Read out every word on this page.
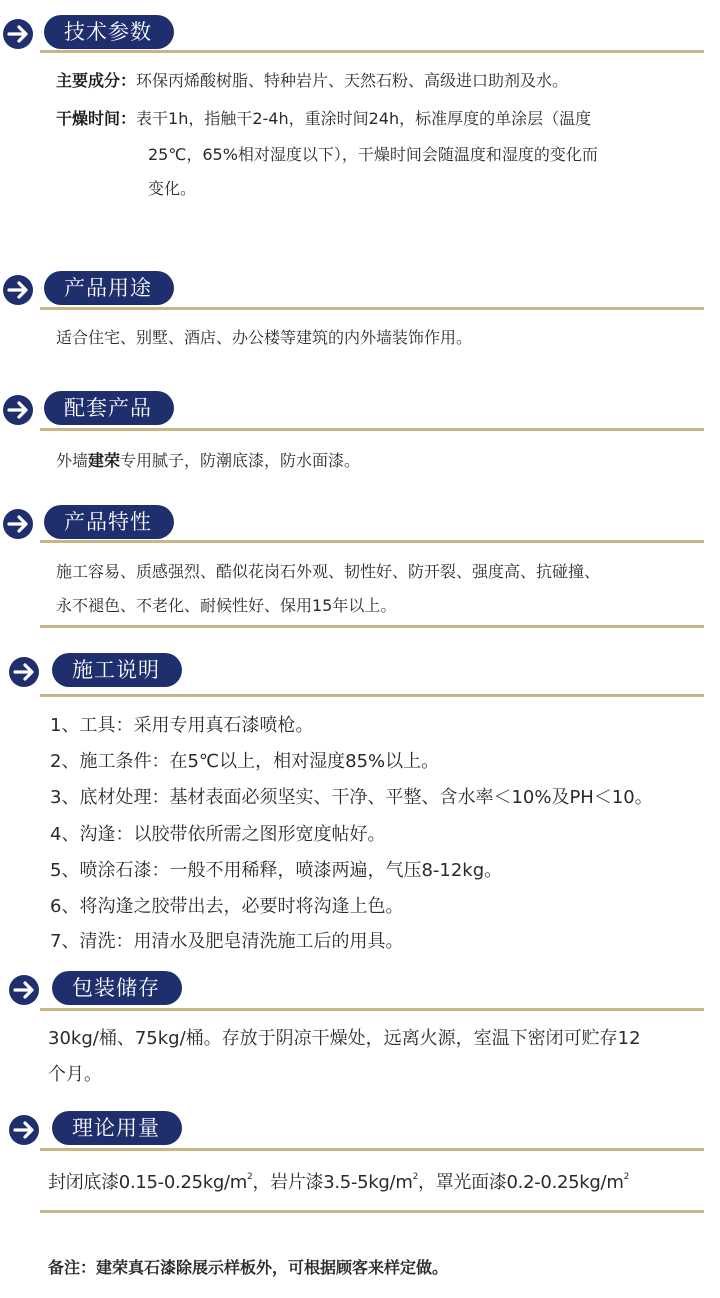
技术参数
主要成分：环保丙烯酸树脂、特种岩片、天然石粉、高级进口助剂及水。
干燥时间：表干1h，指触干2-4h，重涂时间24h，标准厚度的单涂层（温度
25℃，65%相对湿度以下），干燥时间会随温度和湿度的变化而
变化。
产品用途
适合住宅、别墅、酒店、办公楼等建筑的内外墙装饰作用。
配套产品
外墙建荣专用腻子，防潮底漆，防水面漆。
产品特性
施工容易、质感强烈、酷似花岗石外观、韧性好、防开裂、强度高、抗碰撞、
永不褪色、不老化、耐候性好、保用15年以上。
施工说明
1、工具：采用专用真石漆喷枪。
2、施工条件：在5℃以上，相对湿度85%以上。
3、底材处理：基材表面必须坚实、干净、平整、含水率＜10%及PH＜10。
4、沟逢：以胶带依所需之图形宽度帖好。
5、喷涂石漆：一般不用稀释，喷漆两遍，气压8-12kg。
6、将沟逢之胶带出去，必要时将沟逢上色。
7、清洗：用清水及肥皂清洗施工后的用具。
包装储存
30kg/桶、75kg/桶。存放于阴凉干燥处，远离火源，室温下密闭可贮存12
个月。
理论用量
封闭底漆$0.15-0.25kg/m^2$，岩片漆$3.5-5kg/m^2$，罩光面漆$0.2-0.25kg/m^2$
备注：建荣真石漆除展示样板外，可根据顾客来样定做。
